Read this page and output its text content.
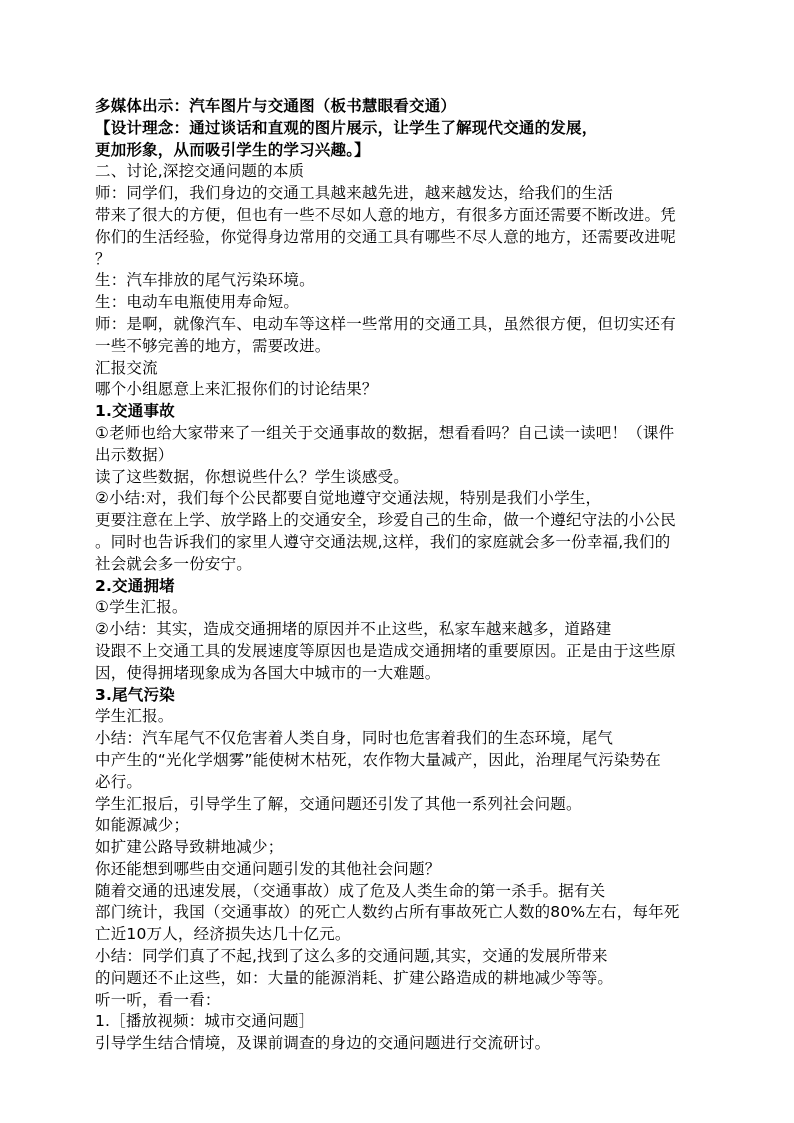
多媒体出示：汽车图片与交通图（板书慧眼看交通）
【设计理念：通过谈话和直观的图片展示，让学生了解现代交通的发展，
更加形象，从而吸引学生的学习兴趣。】
二、讨论,深挖交通问题的本质
师：同学们，我们身边的交通工具越来越先进，越来越发达，给我们的生活
带来了很大的方便，但也有一些不尽如人意的地方，有很多方面还需要不断改进。凭
你们的生活经验，你觉得身边常用的交通工具有哪些不尽人意的地方，还需要改进呢
？
生：汽车排放的尾气污染环境。
生：电动车电瓶使用寿命短。
师：是啊，就像汽车、电动车等这样一些常用的交通工具，虽然很方便，但切实还有
一些不够完善的地方，需要改进。
汇报交流
哪个小组愿意上来汇报你们的讨论结果？
1.交通事故
①老师也给大家带来了一组关于交通事故的数据，想看看吗？自己读一读吧！（课件
出示数据）
读了这些数据，你想说些什么？学生谈感受。
②小结:对，我们每个公民都要自觉地遵守交通法规，特别是我们小学生，
更要注意在上学、放学路上的交通安全，珍爱自己的生命，做一个遵纪守法的小公民
。同时也告诉我们的家里人遵守交通法规,这样，我们的家庭就会多一份幸福,我们的
社会就会多一份安宁。
2.交通拥堵
①学生汇报。
②小结：其实，造成交通拥堵的原因并不止这些，私家车越来越多，道路建
设跟不上交通工具的发展速度等原因也是造成交通拥堵的重要原因。正是由于这些原
因，使得拥堵现象成为各国大中城市的一大难题。
3.尾气污染
学生汇报。
小结：汽车尾气不仅危害着人类自身，同时也危害着我们的生态环境，尾气
中产生的“光化学烟雾”能使树木枯死，农作物大量减产，因此，治理尾气污染势在
必行。
学生汇报后，引导学生了解，交通问题还引发了其他一系列社会问题。
如能源减少；
如扩建公路导致耕地减少；
你还能想到哪些由交通问题引发的其他社会问题？
随着交通的迅速发展，（交通事故）成了危及人类生命的第一杀手。据有关
部门统计，我国（交通事故）的死亡人数约占所有事故死亡人数的80%左右，每年死
亡近10万人，经济损失达几十亿元。
小结：同学们真了不起,找到了这么多的交通问题,其实，交通的发展所带来
的问题还不止这些，如：大量的能源消耗、扩建公路造成的耕地减少等等。
听一听，看一看：
1.［播放视频：城市交通问题］
引导学生结合情境，及课前调查的身边的交通问题进行交流研讨。
